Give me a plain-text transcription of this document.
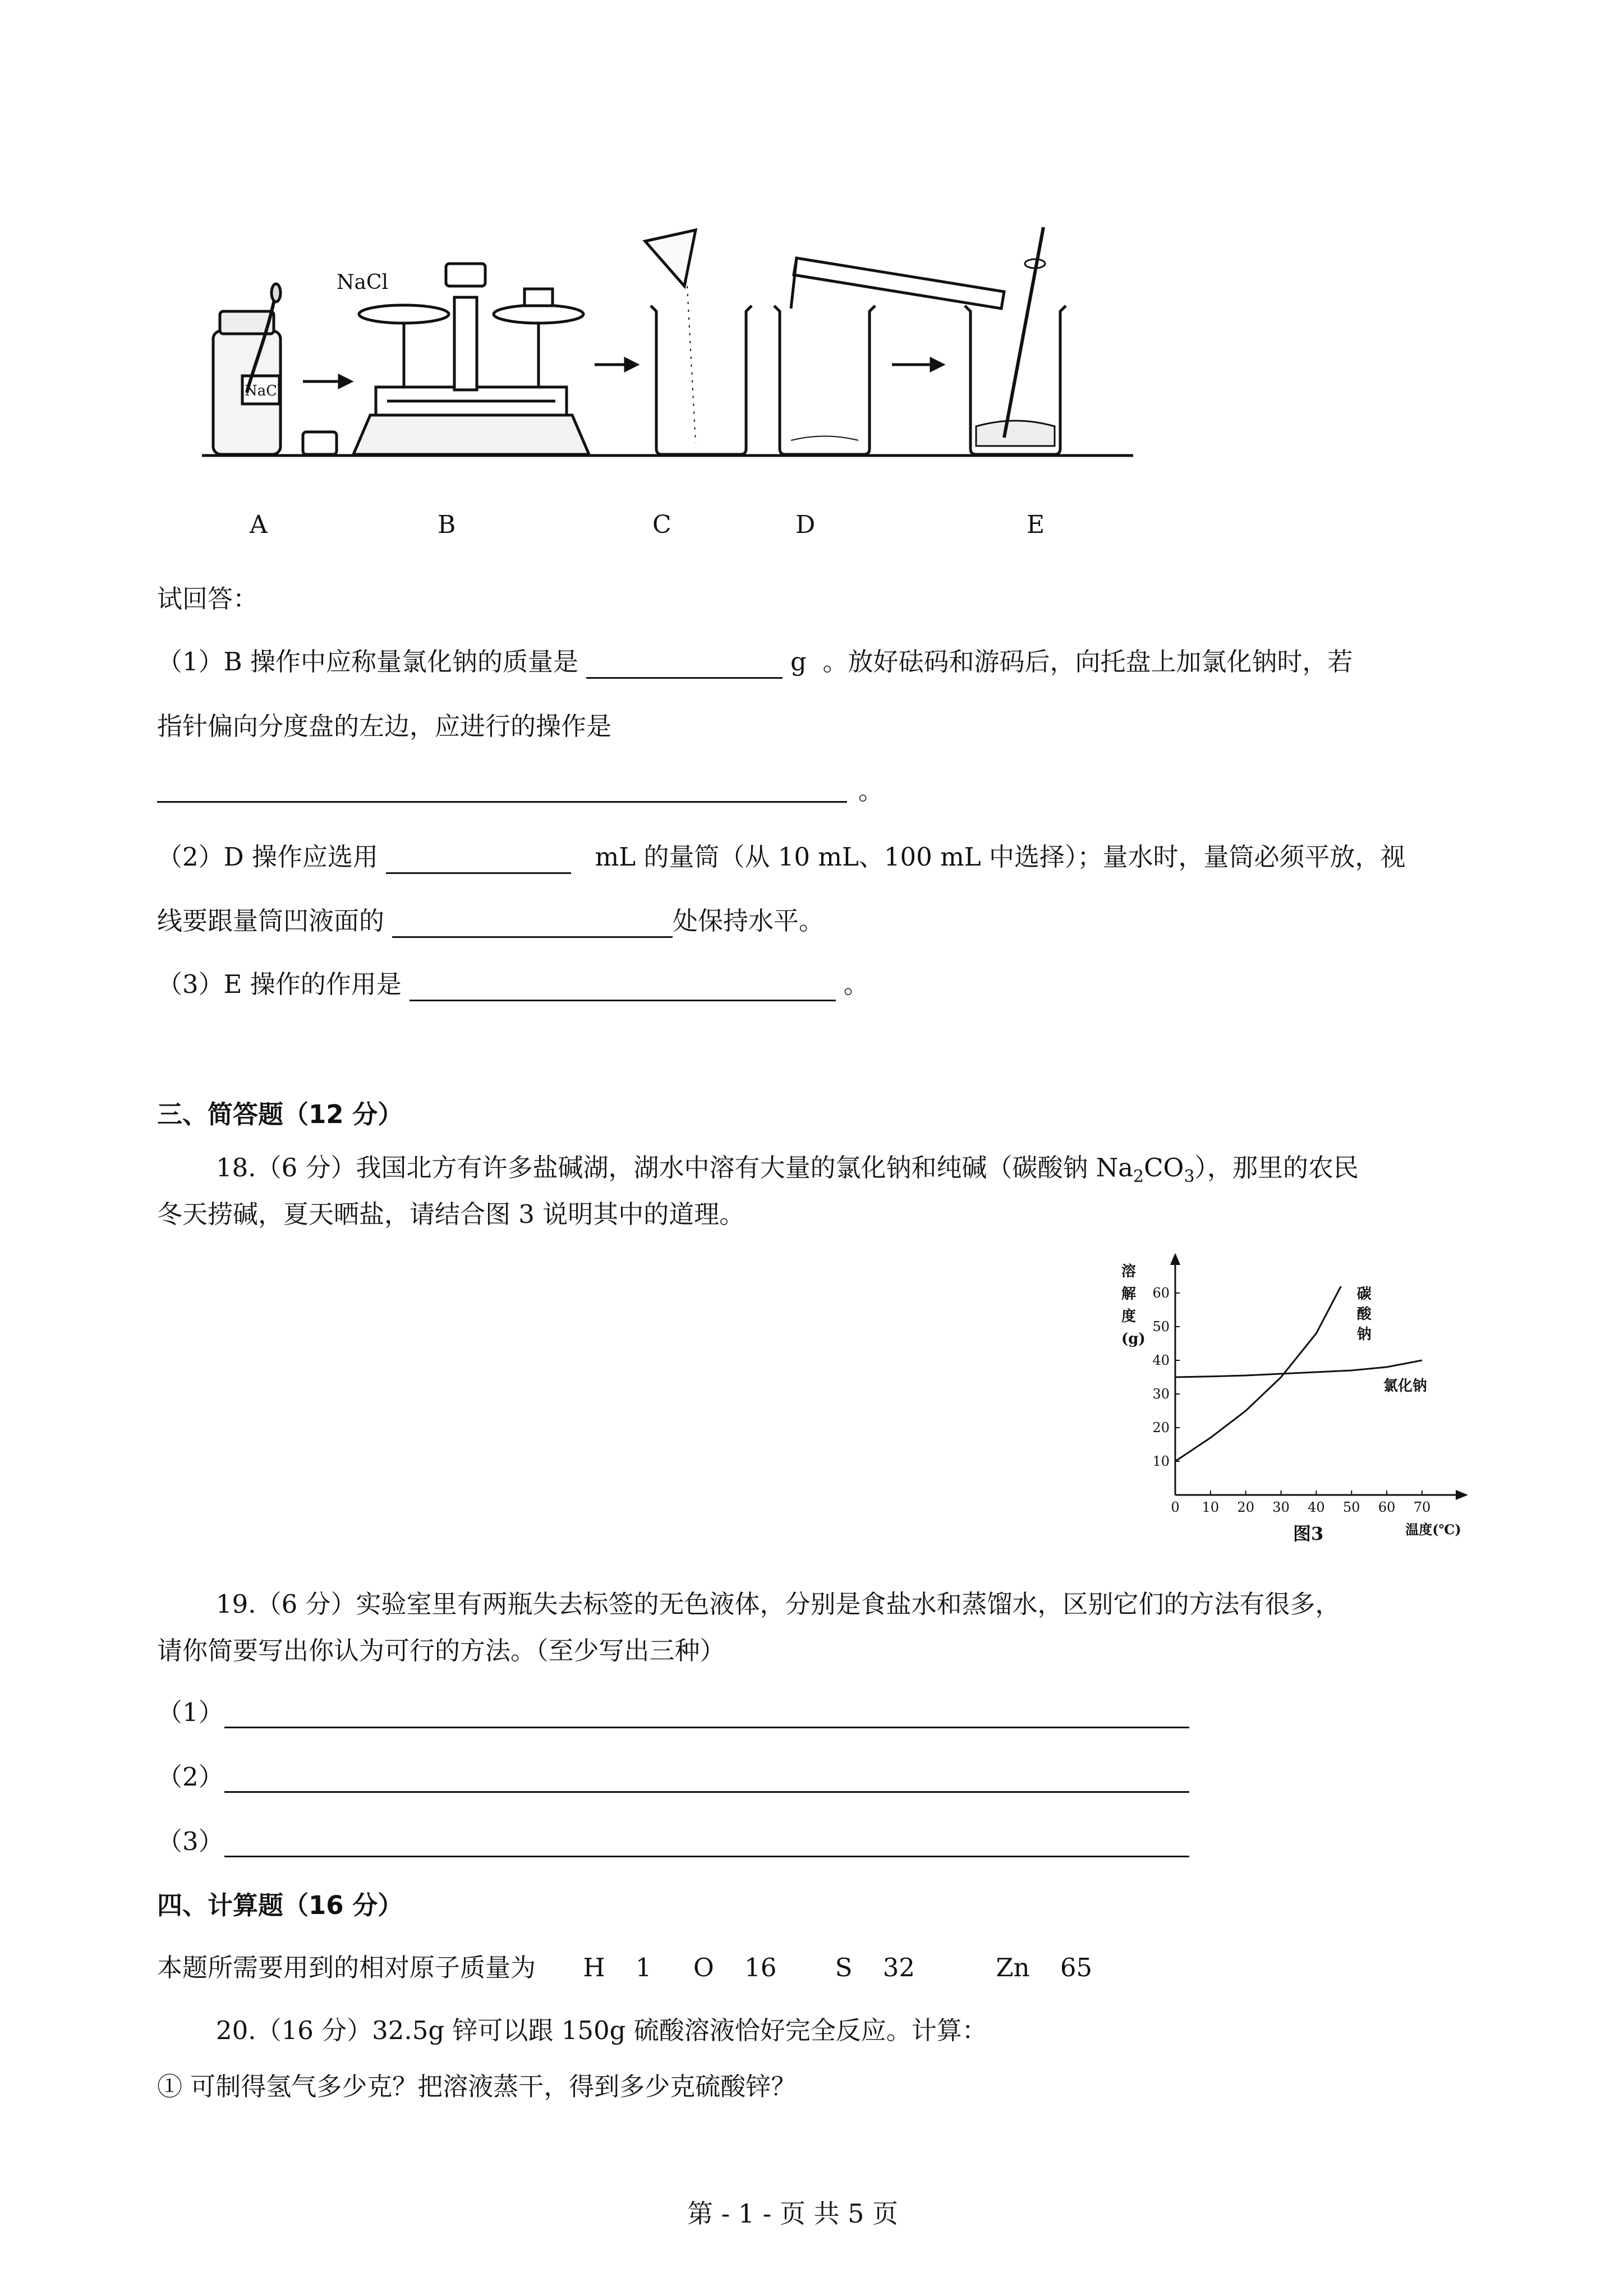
NaCl
NaCl
A	B	C	D	E
试回答：
（1）B 操作中应称量氯化钠的质量是	g 。放好砝码和游码后，向托盘上加氯化钠时，若
指针偏向分度盘的左边，应进行的操作是
。
（2）D 操作应选用	mL 的量筒（从 10 mL、100 mL 中选择）；量水时，量筒必须平放，视
线要跟量筒凹液面的	处保持水平。
（3）E 操作的作用是	。
三、简答题（12 分）
18.（6 分）我国北方有许多盐碱湖，湖水中溶有大量的氯化钠和纯碱（碳酸钠 $Na_2CO_3$），那里的农民
冬天捞碱，夏天晒盐，请结合图 3 说明其中的道理。
0 10 20 30 40 50 60 70
10
20
30
40
50
60
溶
解
度
(g)
温度(℃)
图3
碳
酸
钠
氯化钠
19.（6 分）实验室里有两瓶失去标签的无色液体，分别是食盐水和蒸馏水，区别它们的方法有很多，
请你简要写出你认为可行的方法。（至少写出三种）
（1）
（2）
（3）
四、计算题（16 分）
本题所需要用到的相对原子质量为 H 1 O 16 S 32	Zn 65
20.（16 分）32.5g 锌可以跟 150g 硫酸溶液恰好完全反应。计算：
① 可制得氢气多少克？把溶液蒸干，得到多少克硫酸锌？
第 - 1 - 页 共 5 页
